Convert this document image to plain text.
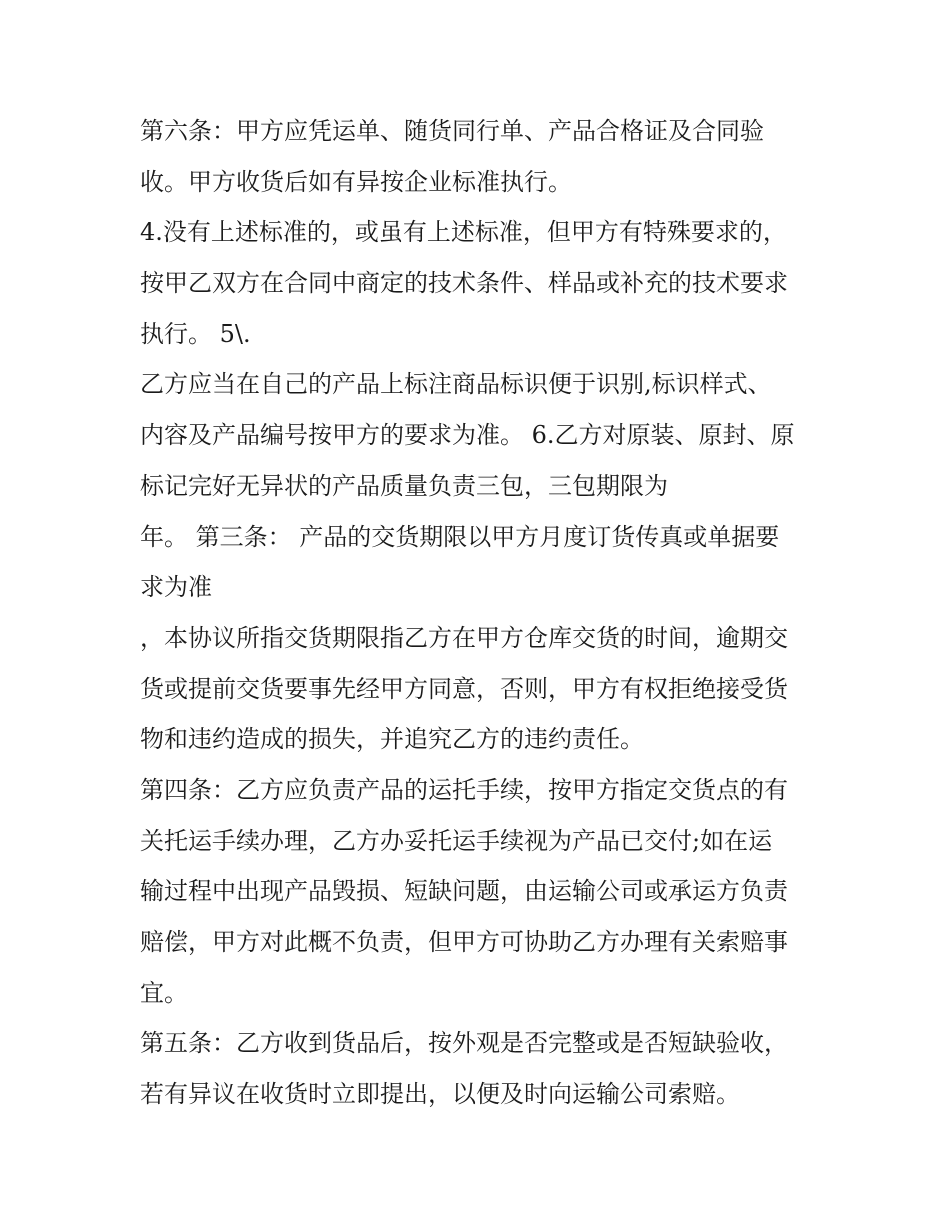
第六条：甲方应凭运单、随货同行单、产品合格证及合同验
收。甲方收货后如有异按企业标准执行。
4.没有上述标准的，或虽有上述标准，但甲方有特殊要求的，
按甲乙双方在合同中商定的技术条件、样品或补充的技术要求
执行。 5\.
乙方应当在自己的产品上标注商品标识便于识别,标识样式、
内容及产品编号按甲方的要求为准。 6.乙方对原装、原封、原
标记完好无异状的产品质量负责三包，三包期限为
年。 第三条： 产品的交货期限以甲方月度订货传真或单据要
求为准
，本协议所指交货期限指乙方在甲方仓库交货的时间，逾期交
货或提前交货要事先经甲方同意，否则，甲方有权拒绝接受货
物和违约造成的损失，并追究乙方的违约责任。
第四条：乙方应负责产品的运托手续，按甲方指定交货点的有
关托运手续办理，乙方办妥托运手续视为产品已交付;如在运
输过程中出现产品毁损、短缺问题，由运输公司或承运方负责
赔偿，甲方对此概不负责，但甲方可协助乙方办理有关索赔事
宜。
第五条：乙方收到货品后，按外观是否完整或是否短缺验收，
若有异议在收货时立即提出，以便及时向运输公司索赔。
